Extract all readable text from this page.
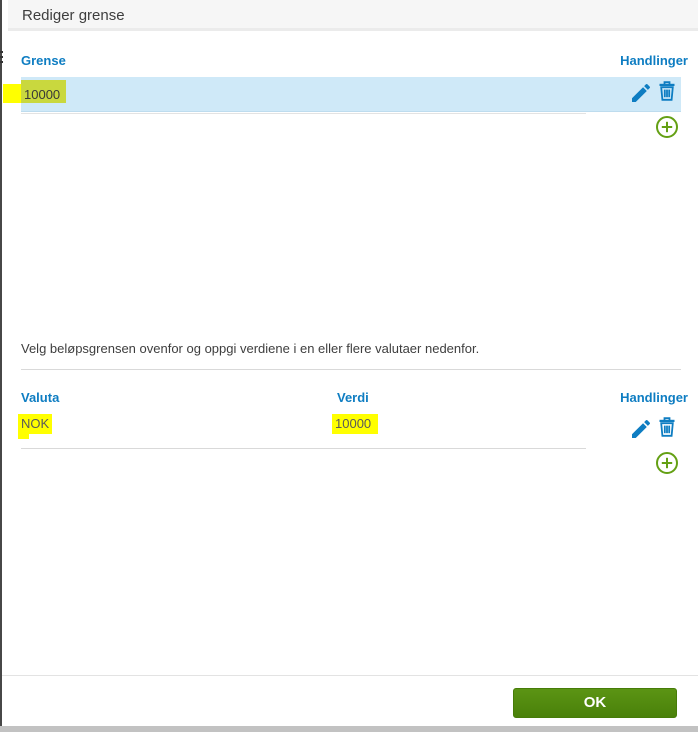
Rediger grense
Grense	Handlinger
10000
Velg beløpsgrensen ovenfor og oppgi verdiene i en eller flere valutaer nedenfor.
Valuta	Verdi	Handlinger
NOK	10000
OK
